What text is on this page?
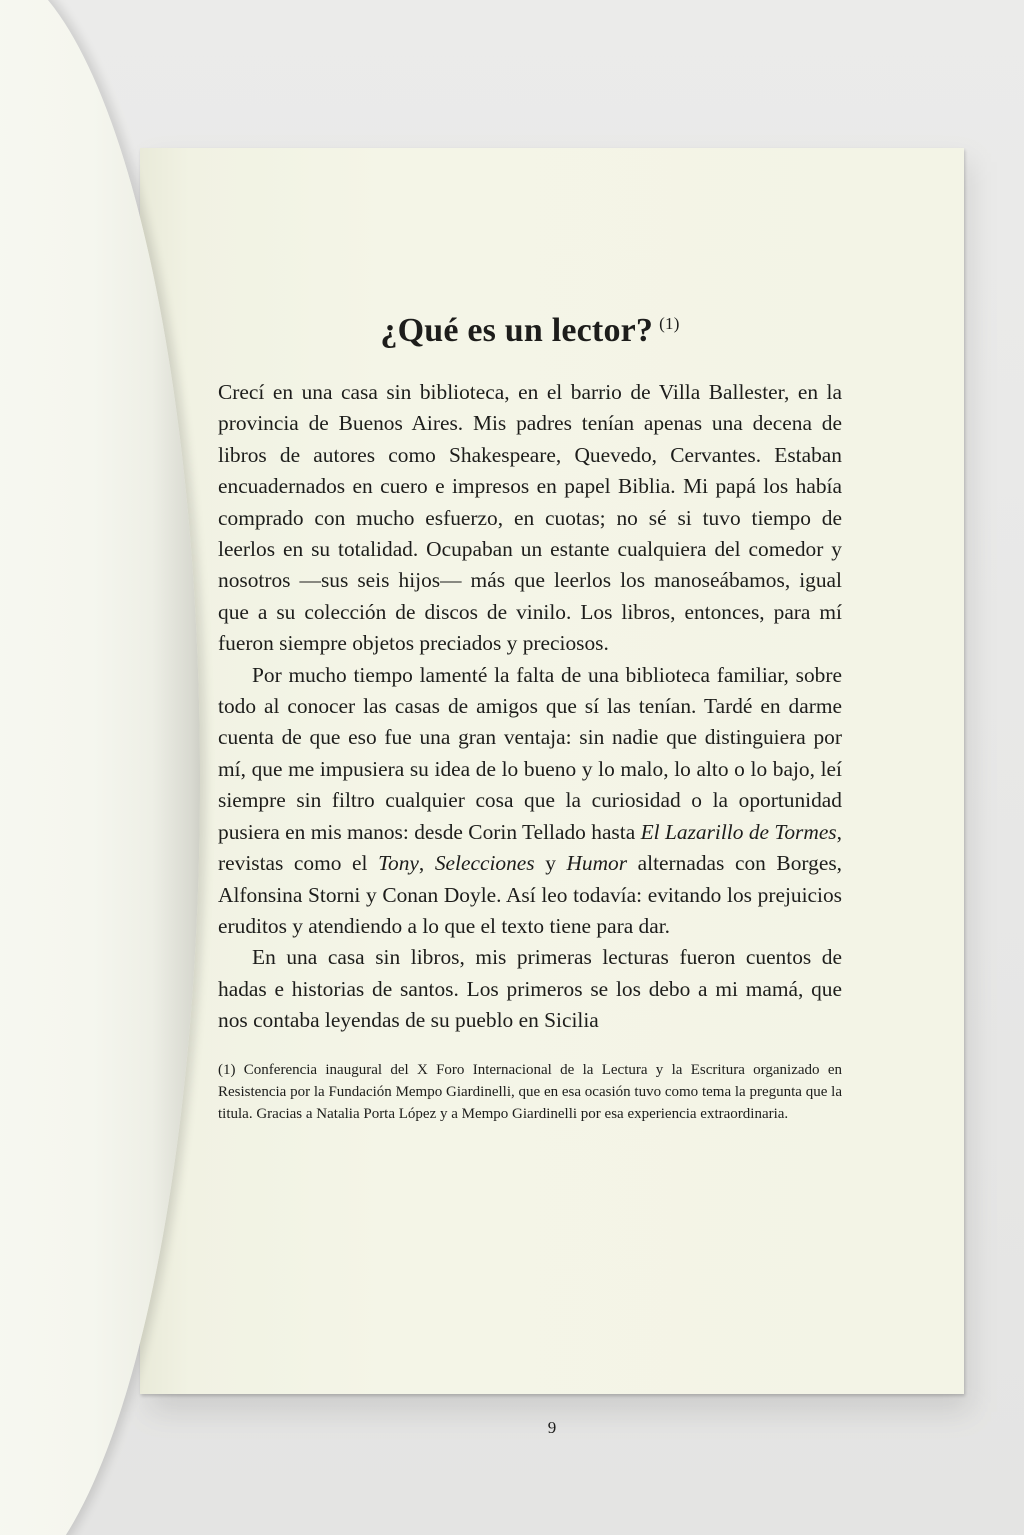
9
¿Qué es un lector? $^{(1)}$

Crecí en una casa sin biblioteca, en el barrio de Villa Ballester, en la provincia de Buenos Aires. Mis padres tenían apenas una decena de libros de autores como Shakespeare, Quevedo, Cervantes. Estaban encuadernados en cuero e impresos en papel Biblia. Mi papá los había comprado con mucho esfuerzo, en cuotas; no sé si tuvo tiempo de leerlos en su totalidad. Ocupaban un estante cualquiera del comedor y nosotros —sus seis hijos— más que leerlos los manoseábamos, igual que a su colección de discos de vinilo. Los libros, entonces, para mí fueron siempre objetos preciados y preciosos.

Por mucho tiempo lamenté la falta de una biblioteca familiar, sobre todo al conocer las casas de amigos que sí las tenían. Tardé en darme cuenta de que eso fue una gran ventaja: sin nadie que distinguiera por mí, que me impusiera su idea de lo bueno y lo malo, lo alto o lo bajo, leí siempre sin filtro cualquier cosa que la curiosidad o la oportunidad pusiera en mis manos: desde Corin Tellado hasta El Lazarillo de Tormes, revistas como el Tony, Selecciones y Humor alternadas con Borges, Alfonsina Storni y Conan Doyle. Así leo todavía: evitando los prejuicios eruditos y atendiendo a lo que el texto tiene para dar.

En una casa sin libros, mis primeras lecturas fueron cuentos de hadas e historias de santos. Los primeros se los debo a mi mamá, que nos contaba leyendas de su pueblo en Sicilia

(1) Conferencia inaugural del X Foro Internacional de la Lectura y la Escritura organizado en Resistencia por la Fundación Mempo Giardinelli, que en esa ocasión tuvo como tema la pregunta que la titula. Gracias a Natalia Porta López y a Mempo Giardinelli por esa experiencia extraordinaria.
